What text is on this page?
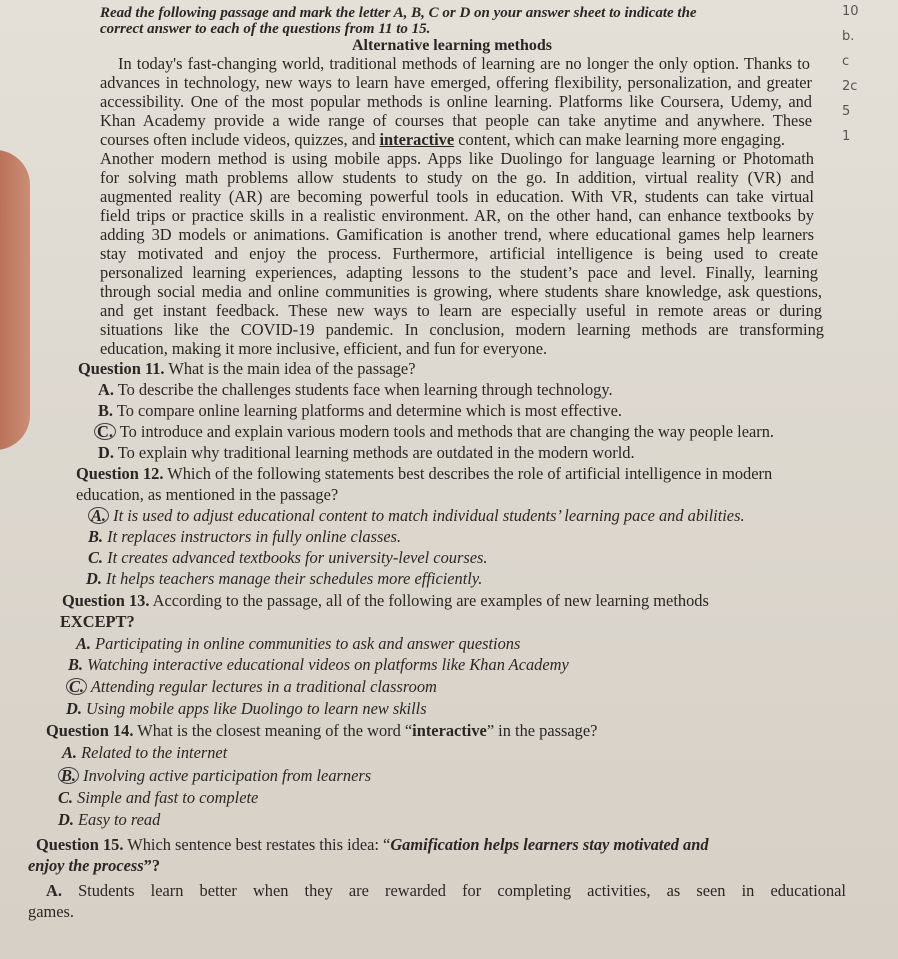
10
b.
c
2c
5
1
Read the following passage and mark the letter A, B, C or D on your answer sheet to indicate the
correct answer to each of the questions from 11 to 15.
Alternative learning methods
In today's fast-changing world, traditional methods of learning are no longer the only option. Thanks to
advances in technology, new ways to learn have emerged, offering flexibility, personalization, and greater
accessibility. One of the most popular methods is online learning. Platforms like Coursera, Udemy, and
Khan Academy provide a wide range of courses that people can take anytime and anywhere. These
courses often include videos, quizzes, and interactive content, which can make learning more engaging.
Another modern method is using mobile apps. Apps like Duolingo for language learning or Photomath
for solving math problems allow students to study on the go. In addition, virtual reality (VR) and
augmented reality (AR) are becoming powerful tools in education. With VR, students can take virtual
field trips or practice skills in a realistic environment. AR, on the other hand, can enhance textbooks by
adding 3D models or animations. Gamification is another trend, where educational games help learners
stay motivated and enjoy the process. Furthermore, artificial intelligence is being used to create
personalized learning experiences, adapting lessons to the student’s pace and level. Finally, learning
through social media and online communities is growing, where students share knowledge, ask questions,
and get instant feedback. These new ways to learn are especially useful in remote areas or during
situations like the COVID-19 pandemic. In conclusion, modern learning methods are transforming
education, making it more inclusive, efficient, and fun for everyone.
Question 11. What is the main idea of the passage?
A. To describe the challenges students face when learning through technology.
B. To compare online learning platforms and determine which is most effective.
C. To introduce and explain various modern tools and methods that are changing the way people learn.
D. To explain why traditional learning methods are outdated in the modern world.
Question 12. Which of the following statements best describes the role of artificial intelligence in modern
education, as mentioned in the passage?
A. It is used to adjust educational content to match individual students’ learning pace and abilities.
B. It replaces instructors in fully online classes.
C. It creates advanced textbooks for university-level courses.
D. It helps teachers manage their schedules more efficiently.
Question 13. According to the passage, all of the following are examples of new learning methods
EXCEPT?
A. Participating in online communities to ask and answer questions
B. Watching interactive educational videos on platforms like Khan Academy
C. Attending regular lectures in a traditional classroom
D. Using mobile apps like Duolingo to learn new skills
Question 14. What is the closest meaning of the word “interactive” in the passage?
A. Related to the internet
B. Involving active participation from learners
C. Simple and fast to complete
D. Easy to read
Question 15. Which sentence best restates this idea: “Gamification helps learners stay motivated and
enjoy the process”?
A. Students learn better when they are rewarded for completing activities, as seen in educational
games.
